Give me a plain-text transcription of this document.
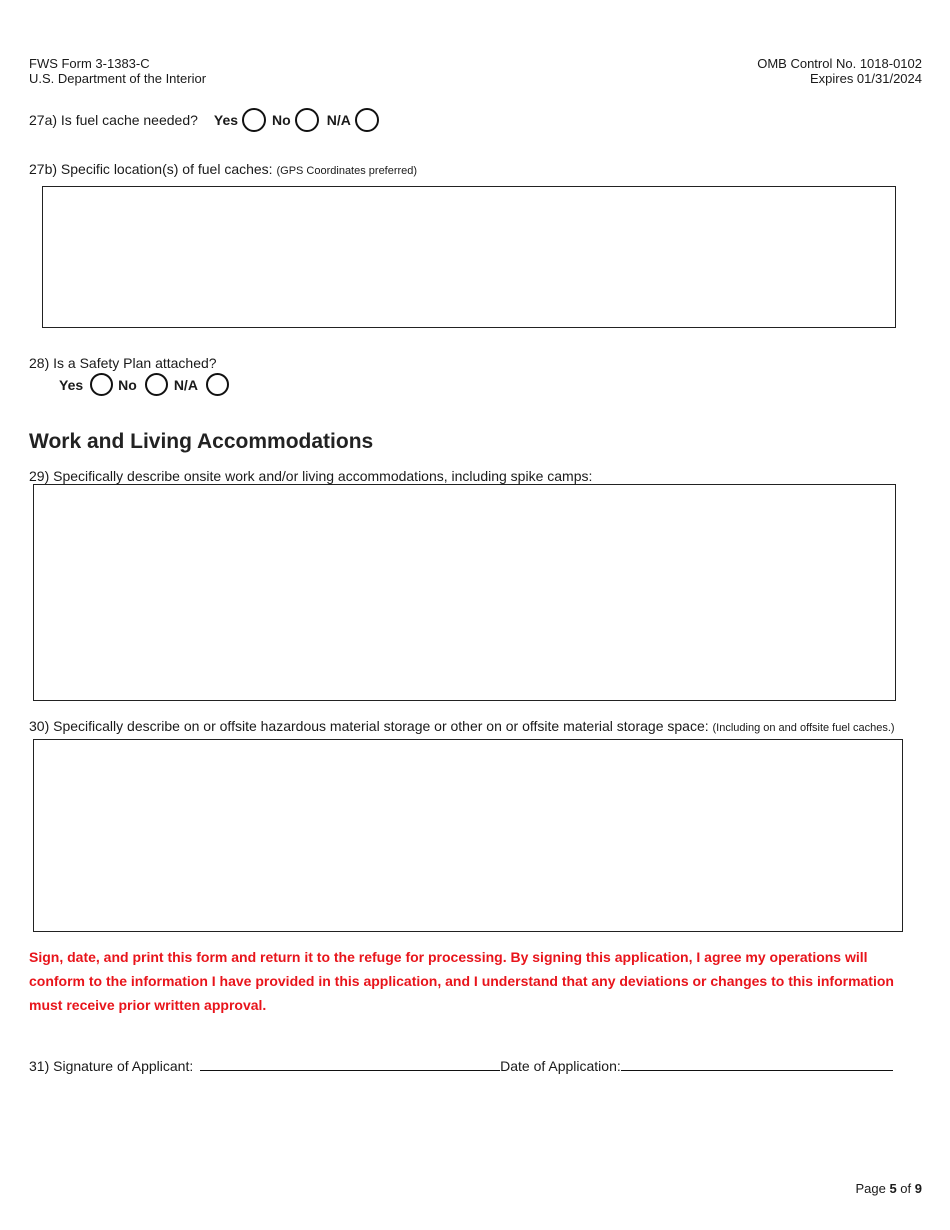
FWS Form 3-1383-C
U.S. Department of the Interior
OMB Control No. 1018-0102
Expires 01/31/2024
27a) Is fuel cache needed? Yes No	N/A
27b) Specific location(s) of fuel caches: (GPS Coordinates preferred)
28) Is a Safety Plan attached?
Yes	No	N/A
Work and Living Accommodations
29) Specifically describe onsite work and/or living accommodations, including spike camps:
30) Specifically describe on or offsite hazardous material storage or other on or offsite material storage space: (Including on and offsite fuel caches.)
Sign, date, and print this form and return it to the refuge for processing. By signing this application, I agree my operations will conform to the information I have provided in this application, and I understand that any deviations or changes to this information must receive prior written approval.
31) Signature of Applicant:	Date of Application:
Page 5 of 9
